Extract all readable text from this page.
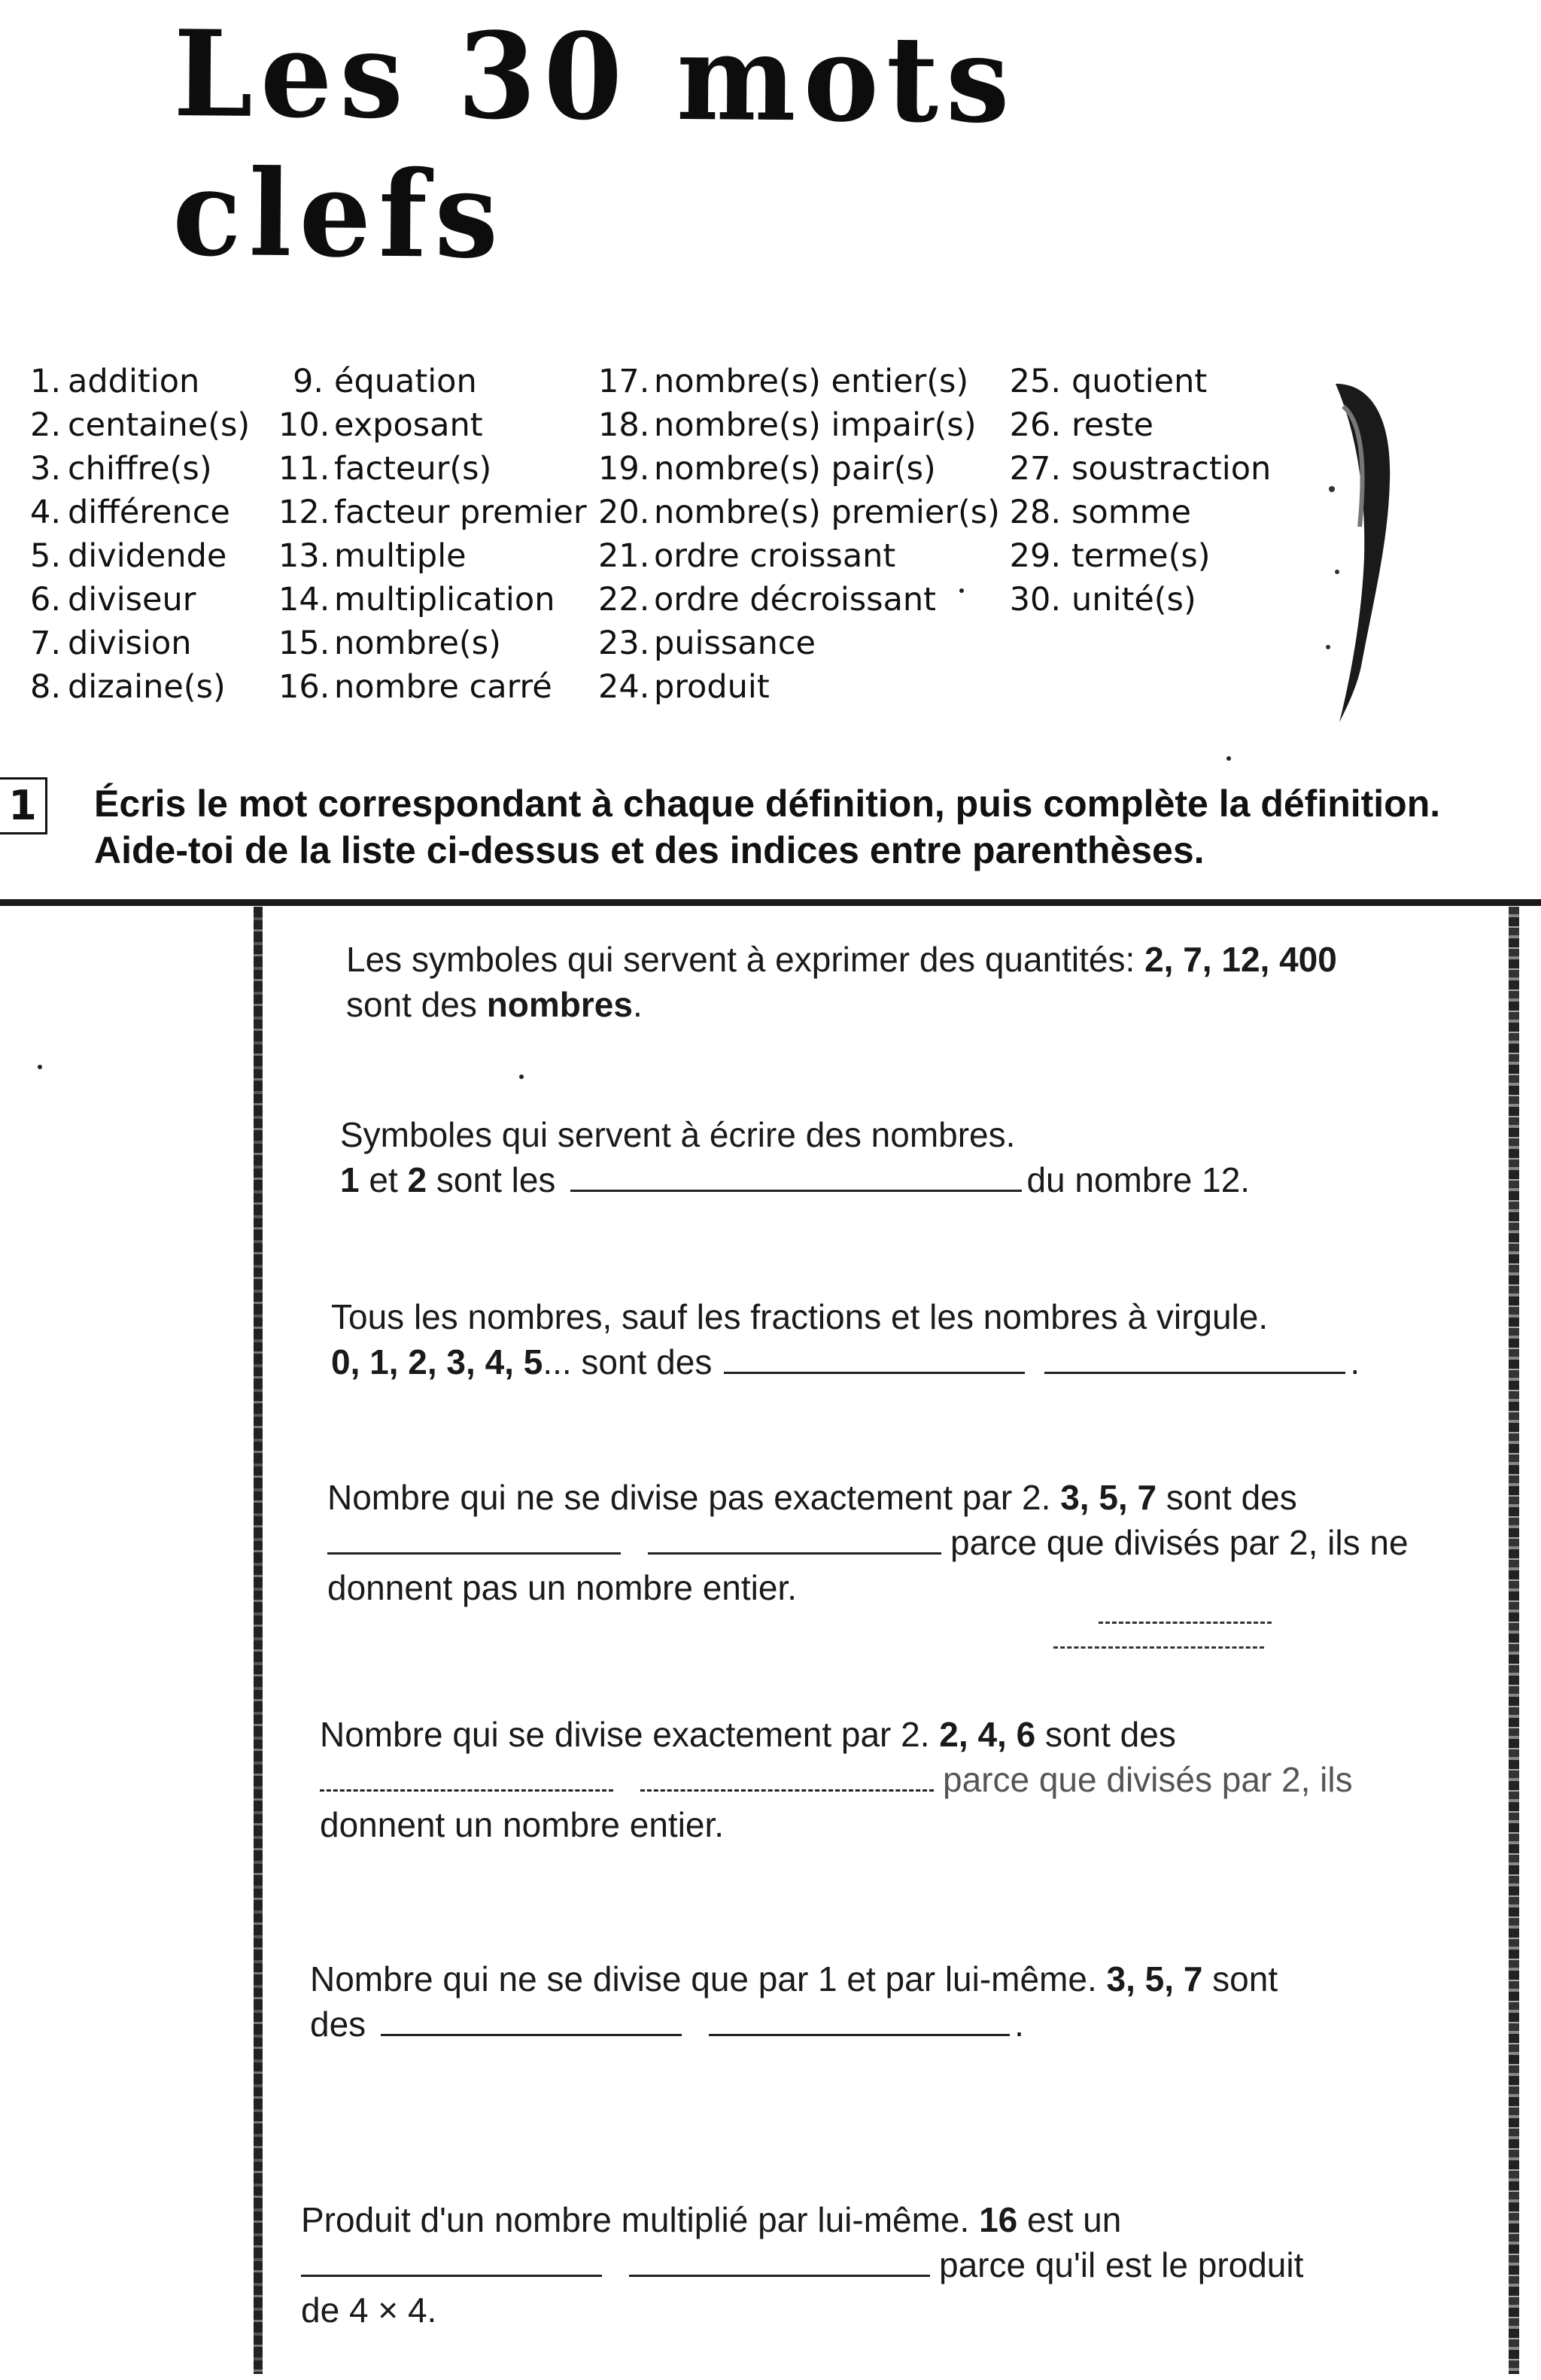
Les 30 mots clefs
1. addition
2. centaine(s)
3. chiffre(s)
4. différence
5. dividende
6. diviseur
7. division
8. dizaine(s)
9. équation
10. exposant
11. facteur(s)
12. facteur premier
13. multiple
14. multiplication
15. nombre(s)
16. nombre carré
17. nombre(s) entier(s)
18. nombre(s) impair(s)
19. nombre(s) pair(s)
20. nombre(s) premier(s)
21. ordre croissant
22. ordre décroissant
23. puissance
24. produit
25. quotient
26. reste
27. soustraction
28. somme
29. terme(s)
30. unité(s)
1 Écris le mot correspondant à chaque définition, puis complète la définition.
Aide-toi de la liste ci-dessus et des indices entre parenthèses.
Les symboles qui servent à exprimer des quantités: 2, 7, 12, 400
sont des nombres.
Symboles qui servent à écrire des nombres.
1 et 2 sont les	du nombre 12.
Tous les nombres, sauf les fractions et les nombres à virgule.
0, 1, 2, 3, 4, 5... sont des	.
Nombre qui ne se divise pas exactement par 2. 3, 5, 7 sont des
parce que divisés par 2, ils ne
donnent pas un nombre entier.
Nombre qui se divise exactement par 2. 2, 4, 6 sont des
parce que divisés par 2, ils
donnent un nombre entier.
Nombre qui ne se divise que par 1 et par lui-même. 3, 5, 7 sont
des	.
Produit d'un nombre multiplié par lui-même. 16 est un
parce qu'il est le produit
de 4 × 4.
